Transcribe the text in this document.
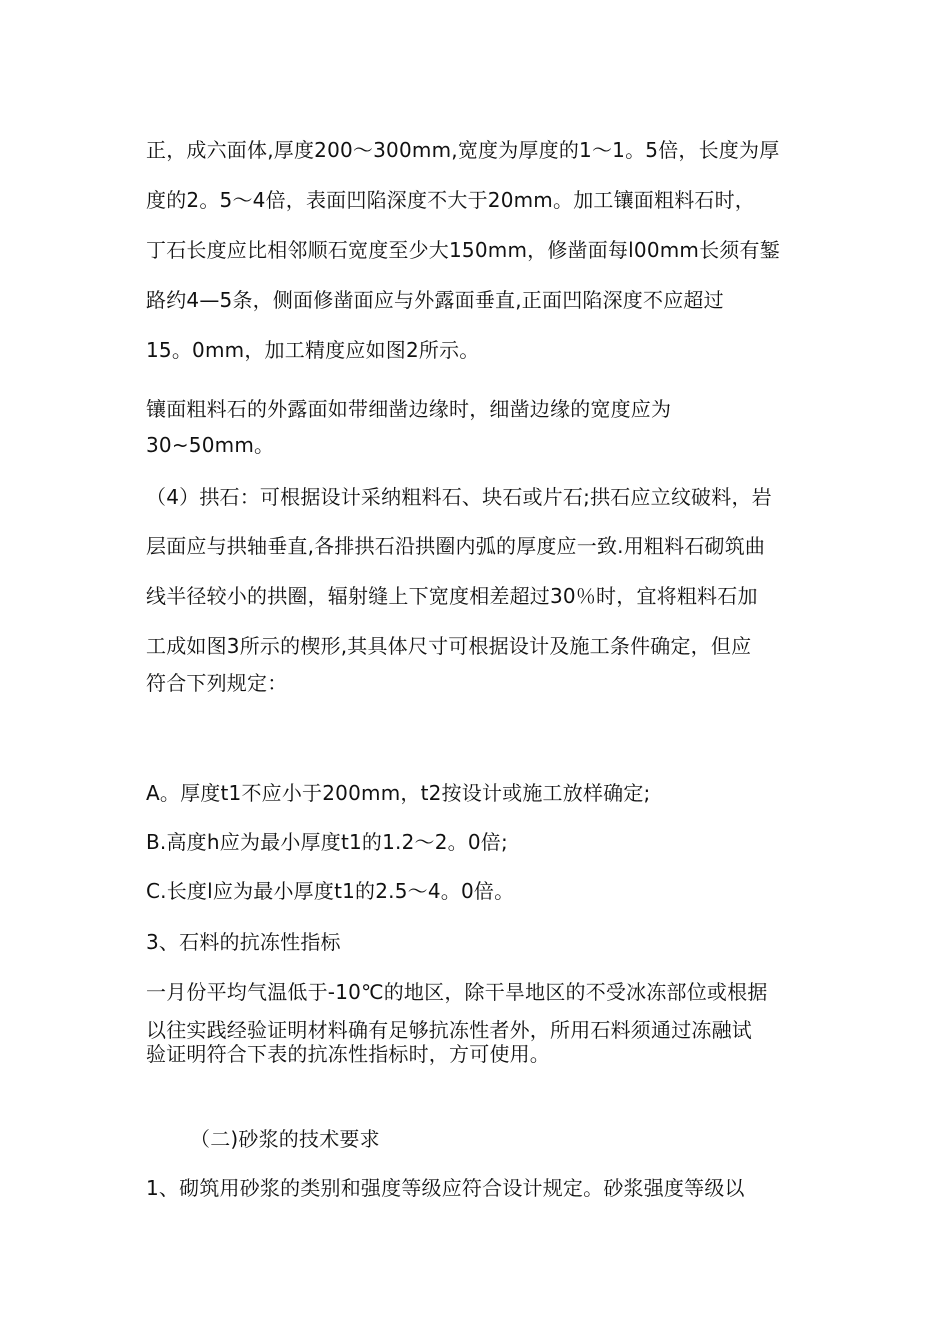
正，成六面体,厚度200～300mm,宽度为厚度的1～1。5倍，长度为厚
度的2。5～4倍，表面凹陷深度不大于20mm。加工镶面粗料石时，
丁石长度应比相邻顺石宽度至少大150mm，修凿面每l00mm长须有錾
路约4—5条，侧面修凿面应与外露面垂直,正面凹陷深度不应超过
15。0mm，加工精度应如图2所示。
镶面粗料石的外露面如带细凿边缘时，细凿边缘的宽度应为
30~50mm。
（4）拱石：可根据设计采纳粗料石、块石或片石;拱石应立纹破料，岩
层面应与拱轴垂直,各排拱石沿拱圈内弧的厚度应一致.用粗料石砌筑曲
线半径较小的拱圈，辐射缝上下宽度相差超过30％时，宜将粗料石加
工成如图3所示的楔形,其具体尺寸可根据设计及施工条件确定，但应
符合下列规定：
A。厚度t1不应小于200mm，t2按设计或施工放样确定;
B.高度h应为最小厚度t1的1.2～2。0倍;
C.长度l应为最小厚度t1的2.5～4。0倍。
3、石料的抗冻性指标
一月份平均气温低于-10℃的地区，除干旱地区的不受冰冻部位或根据
以往实践经验证明材料确有足够抗冻性者外，所用石料须通过冻融试
验证明符合下表的抗冻性指标时，方可使用。
（二)砂浆的技术要求
1、砌筑用砂浆的类别和强度等级应符合设计规定。砂浆强度等级以
